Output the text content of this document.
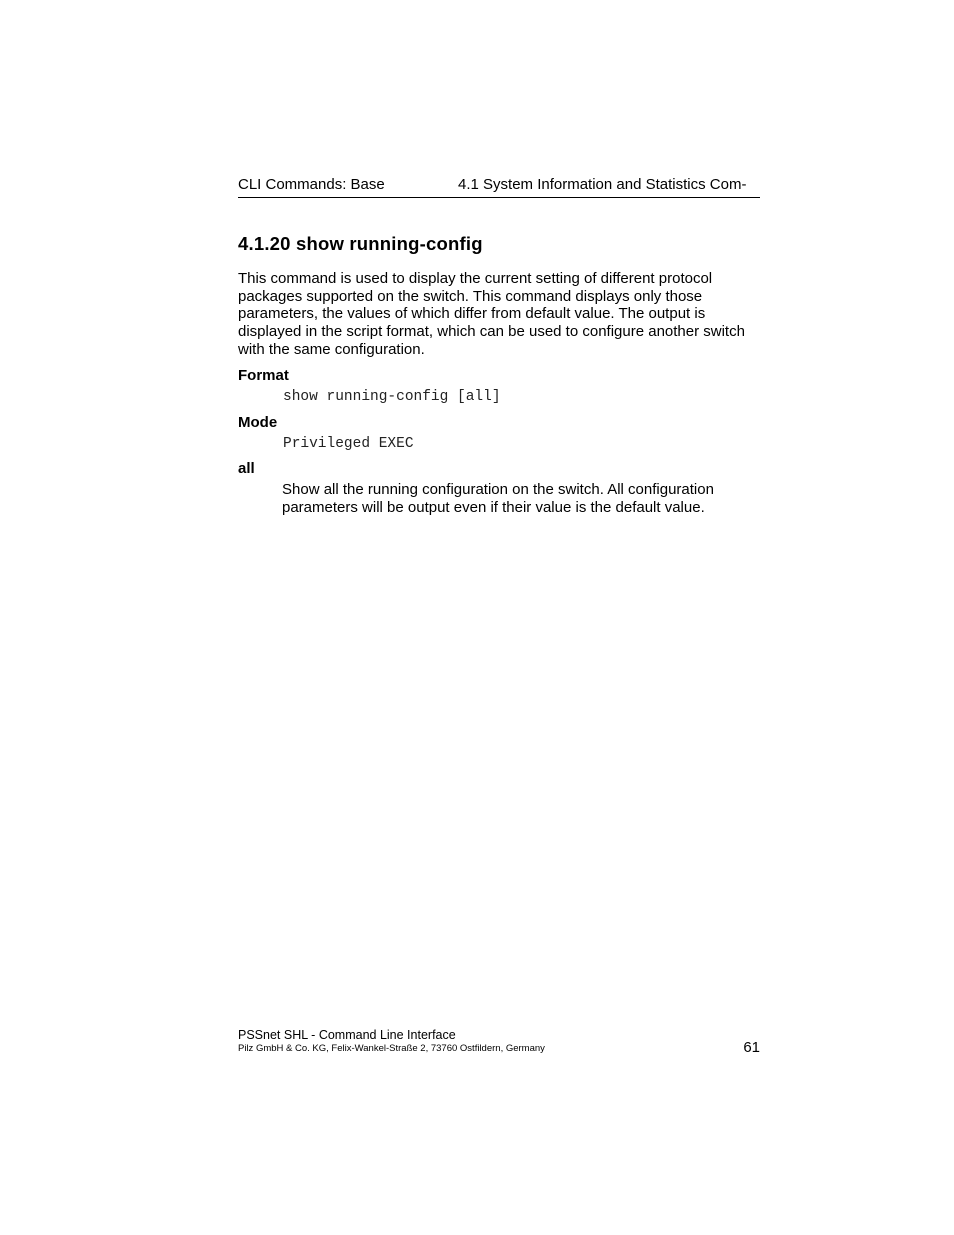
CLI Commands: Base	4.1 System Information and Statistics Com-
4.1.20 show running-config

This command is used to display the current setting of different protocol packages supported on the switch. This command displays only those parameters, the values of which differ from default value. The output is displayed in the script format, which can be used to configure another switch with the same configuration.

Format
show running-config [all]
Mode
Privileged EXEC
all

Show all the running configuration on the switch. All configuration parameters will be output even if their value is the default value.

PSSnet SHL - Command Line Interface
Pilz GmbH & Co. KG, Felix-Wankel-Straße 2, 73760 Ostfildern, Germany	61
